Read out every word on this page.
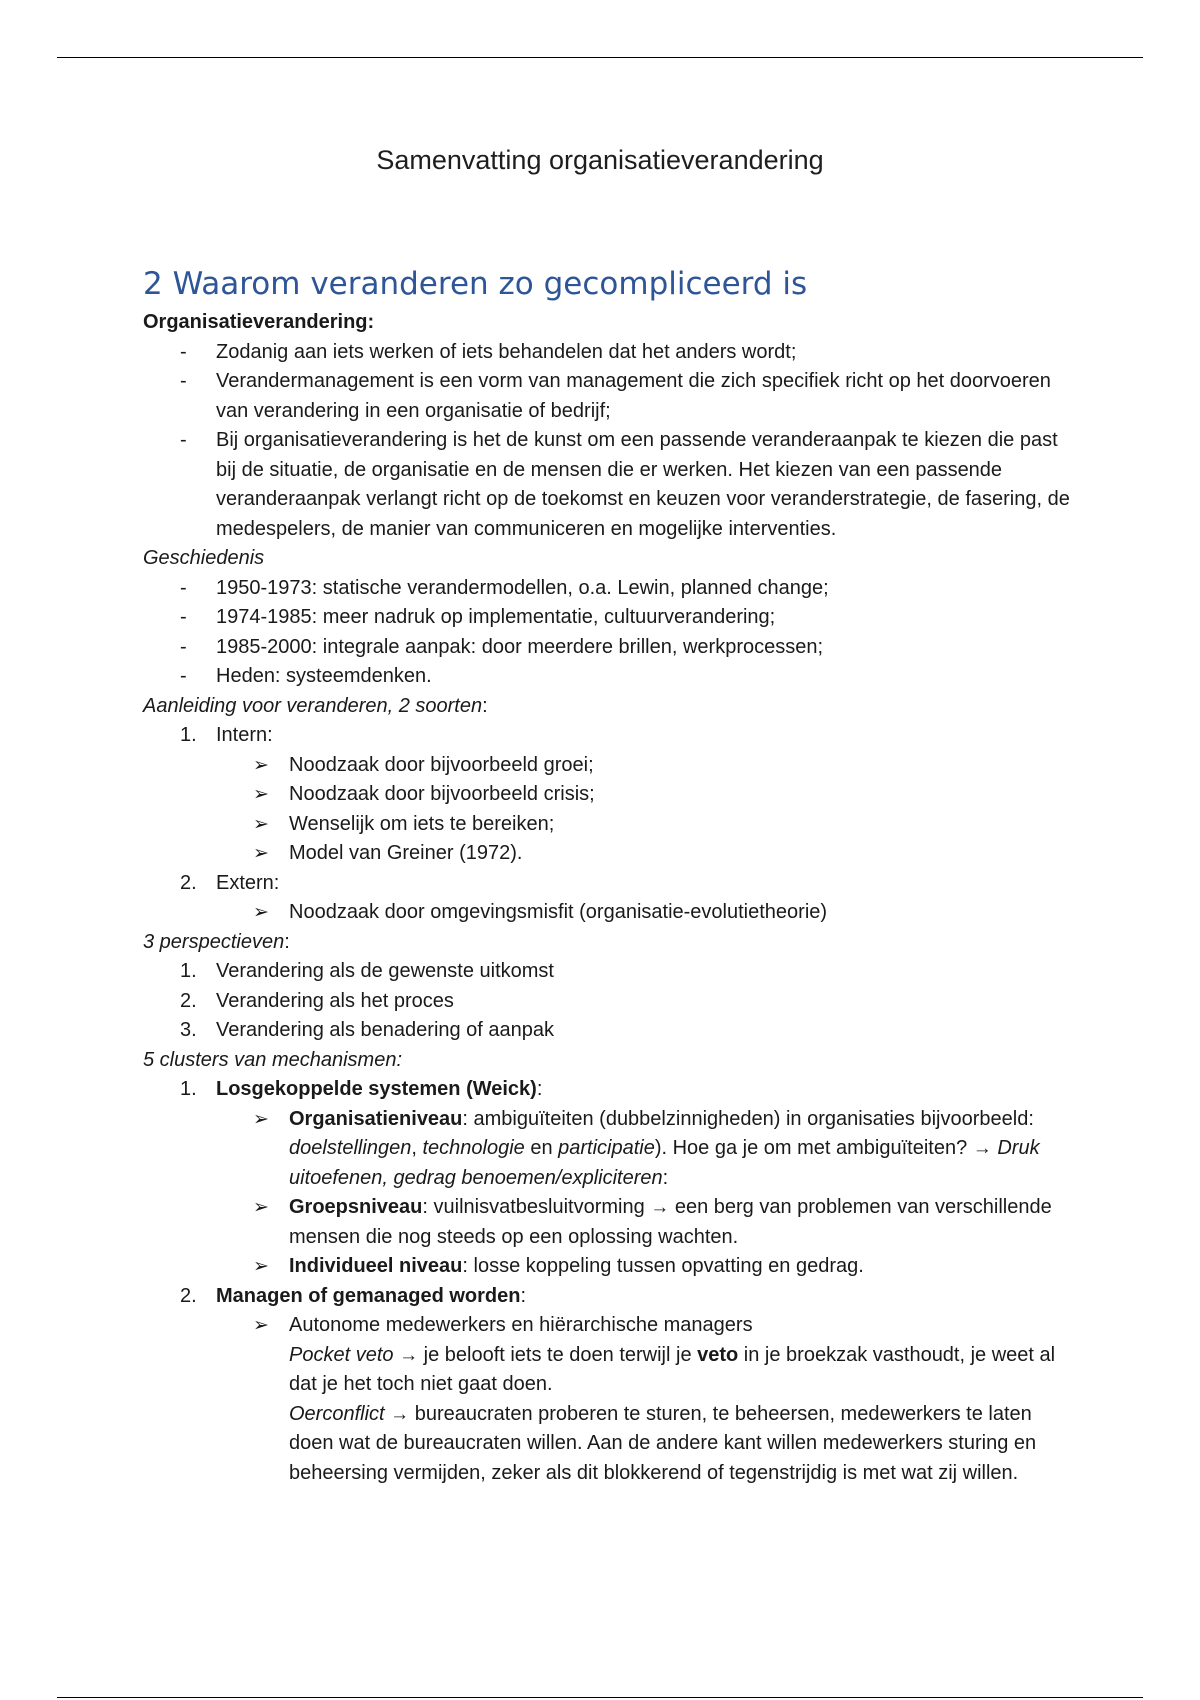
Samenvatting organisatieverandering
2 Waarom veranderen zo gecompliceerd is

Organisatieverandering:

- Zodanig aan iets werken of iets behandelen dat het anders wordt;
- Verandermanagement is een vorm van management die zich specifiek richt op het doorvoeren van verandering in een organisatie of bedrijf;
- Bij organisatieverandering is het de kunst om een passende veranderaanpak te kiezen die past bij de situatie, de organisatie en de mensen die er werken. Het kiezen van een passende veranderaanpak verlangt richt op de toekomst en keuzen voor veranderstrategie, de fasering, de medespelers, de manier van communiceren en mogelijke interventies.

Geschiedenis

- 1950-1973: statische verandermodellen, o.a. Lewin, planned change;
- 1974-1985: meer nadruk op implementatie, cultuurverandering;
- 1985-2000: integrale aanpak: door meerdere brillen, werkprocessen;
- Heden: systeemdenken.

Aanleiding voor veranderen, 2 soorten:

1. Intern:
➢ Noodzaak door bijvoorbeeld groei;
➢ Noodzaak door bijvoorbeeld crisis;
➢ Wenselijk om iets te bereiken;
➢ Model van Greiner (1972).
2. Extern:
➢ Noodzaak door omgevingsmisfit (organisatie-evolutietheorie)

3 perspectieven:

1. Verandering als de gewenste uitkomst
2. Verandering als het proces
3. Verandering als benadering of aanpak

5 clusters van mechanismen:

1. Losgekoppelde systemen (Weick):
➢ Organisatieniveau: ambiguïteiten (dubbelzinnigheden) in organisaties bijvoorbeeld: doelstellingen, technologie en participatie). Hoe ga je om met ambiguïteiten? → Druk uitoefenen, gedrag benoemen/expliciteren:
➢ Groepsniveau: vuilnisvatbesluitvorming → een berg van problemen van verschillende mensen die nog steeds op een oplossing wachten.
➢ Individueel niveau: losse koppeling tussen opvatting en gedrag.
2. Managen of gemanaged worden:
➢ Autonome medewerkers en hiërarchische managers
Pocket veto → je belooft iets te doen terwijl je veto in je broekzak vasthoudt, je weet al dat je het toch niet gaat doen.
Oerconflict → bureaucraten proberen te sturen, te beheersen, medewerkers te laten doen wat de bureaucraten willen. Aan de andere kant willen medewerkers sturing en beheersing vermijden, zeker als dit blokkerend of tegenstrijdig is met wat zij willen.
